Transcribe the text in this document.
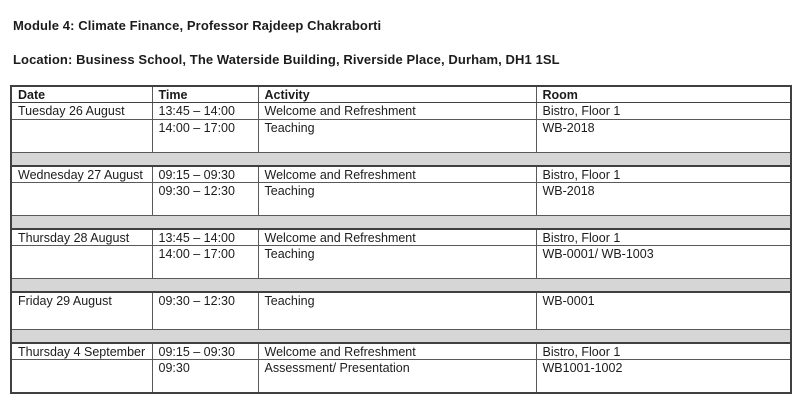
Module 4: Climate Finance, Professor Rajdeep Chakraborti
Location: Business School, The Waterside Building, Riverside Place, Durham, DH1 1SL
Date	Time	Activity	Room
Tuesday 26 August	13:45 – 14:00	Welcome and Refreshment	Bistro, Floor 1
	14:00 – 17:00	Teaching	WB-2018

Wednesday 27 August	09:15 – 09:30	Welcome and Refreshment	Bistro, Floor 1
	09:30 – 12:30	Teaching	WB-2018

Thursday 28 August	13:45 – 14:00	Welcome and Refreshment	Bistro, Floor 1
	14:00 – 17:00	Teaching	WB-0001/ WB-1003

Friday 29 August	09:30 – 12:30	Teaching	WB-0001

Thursday 4 September	09:15 – 09:30	Welcome and Refreshment	Bistro, Floor 1
	09:30	Assessment/ Presentation	WB1001-1002
